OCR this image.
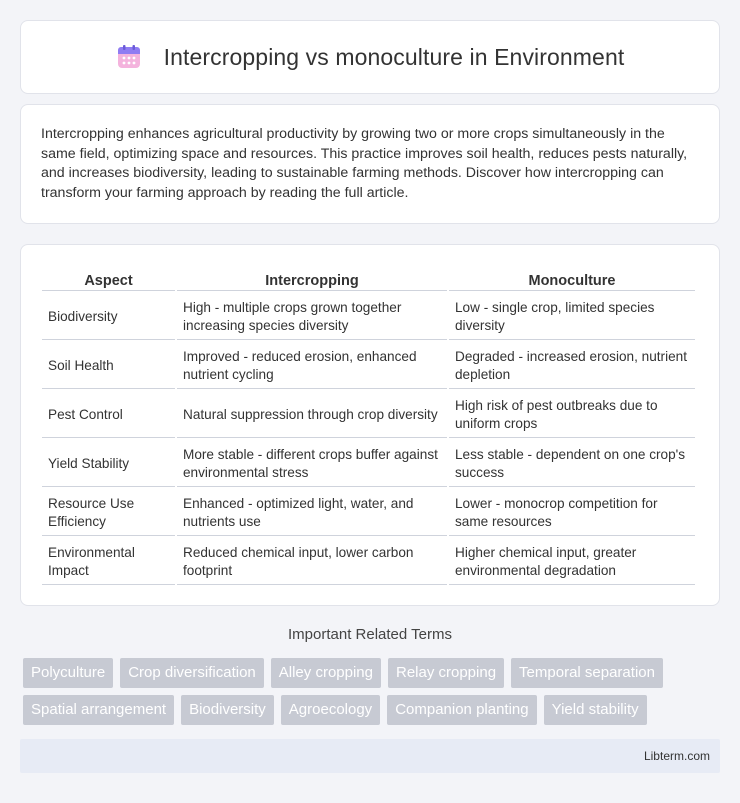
Intercropping vs monoculture in Environment

Intercropping enhances agricultural productivity by growing two or more crops simultaneously in the same field, optimizing space and resources. This practice improves soil health, reduces pests naturally, and increases biodiversity, leading to sustainable farming methods. Discover how intercropping can transform your farming approach by reading the full article.

Aspect	Intercropping	Monoculture
Biodiversity	High - multiple crops grown together increasing species diversity	Low - single crop, limited species diversity
Soil Health	Improved - reduced erosion, enhanced nutrient cycling	Degraded - increased erosion, nutrient depletion
Pest Control	Natural suppression through crop diversity	High risk of pest outbreaks due to uniform crops
Yield Stability	More stable - different crops buffer against environmental stress	Less stable - dependent on one crop's success
Resource Use Efficiency	Enhanced - optimized light, water, and nutrients use	Lower - monocrop competition for same resources
Environmental Impact	Reduced chemical input, lower carbon footprint	Higher chemical input, greater environmental degradation
Important Related Terms
Polyculture	Crop diversification	Alley cropping	Relay cropping	Temporal separation
Spatial arrangement	Biodiversity	Agroecology	Companion planting	Yield stability
Libterm.com
